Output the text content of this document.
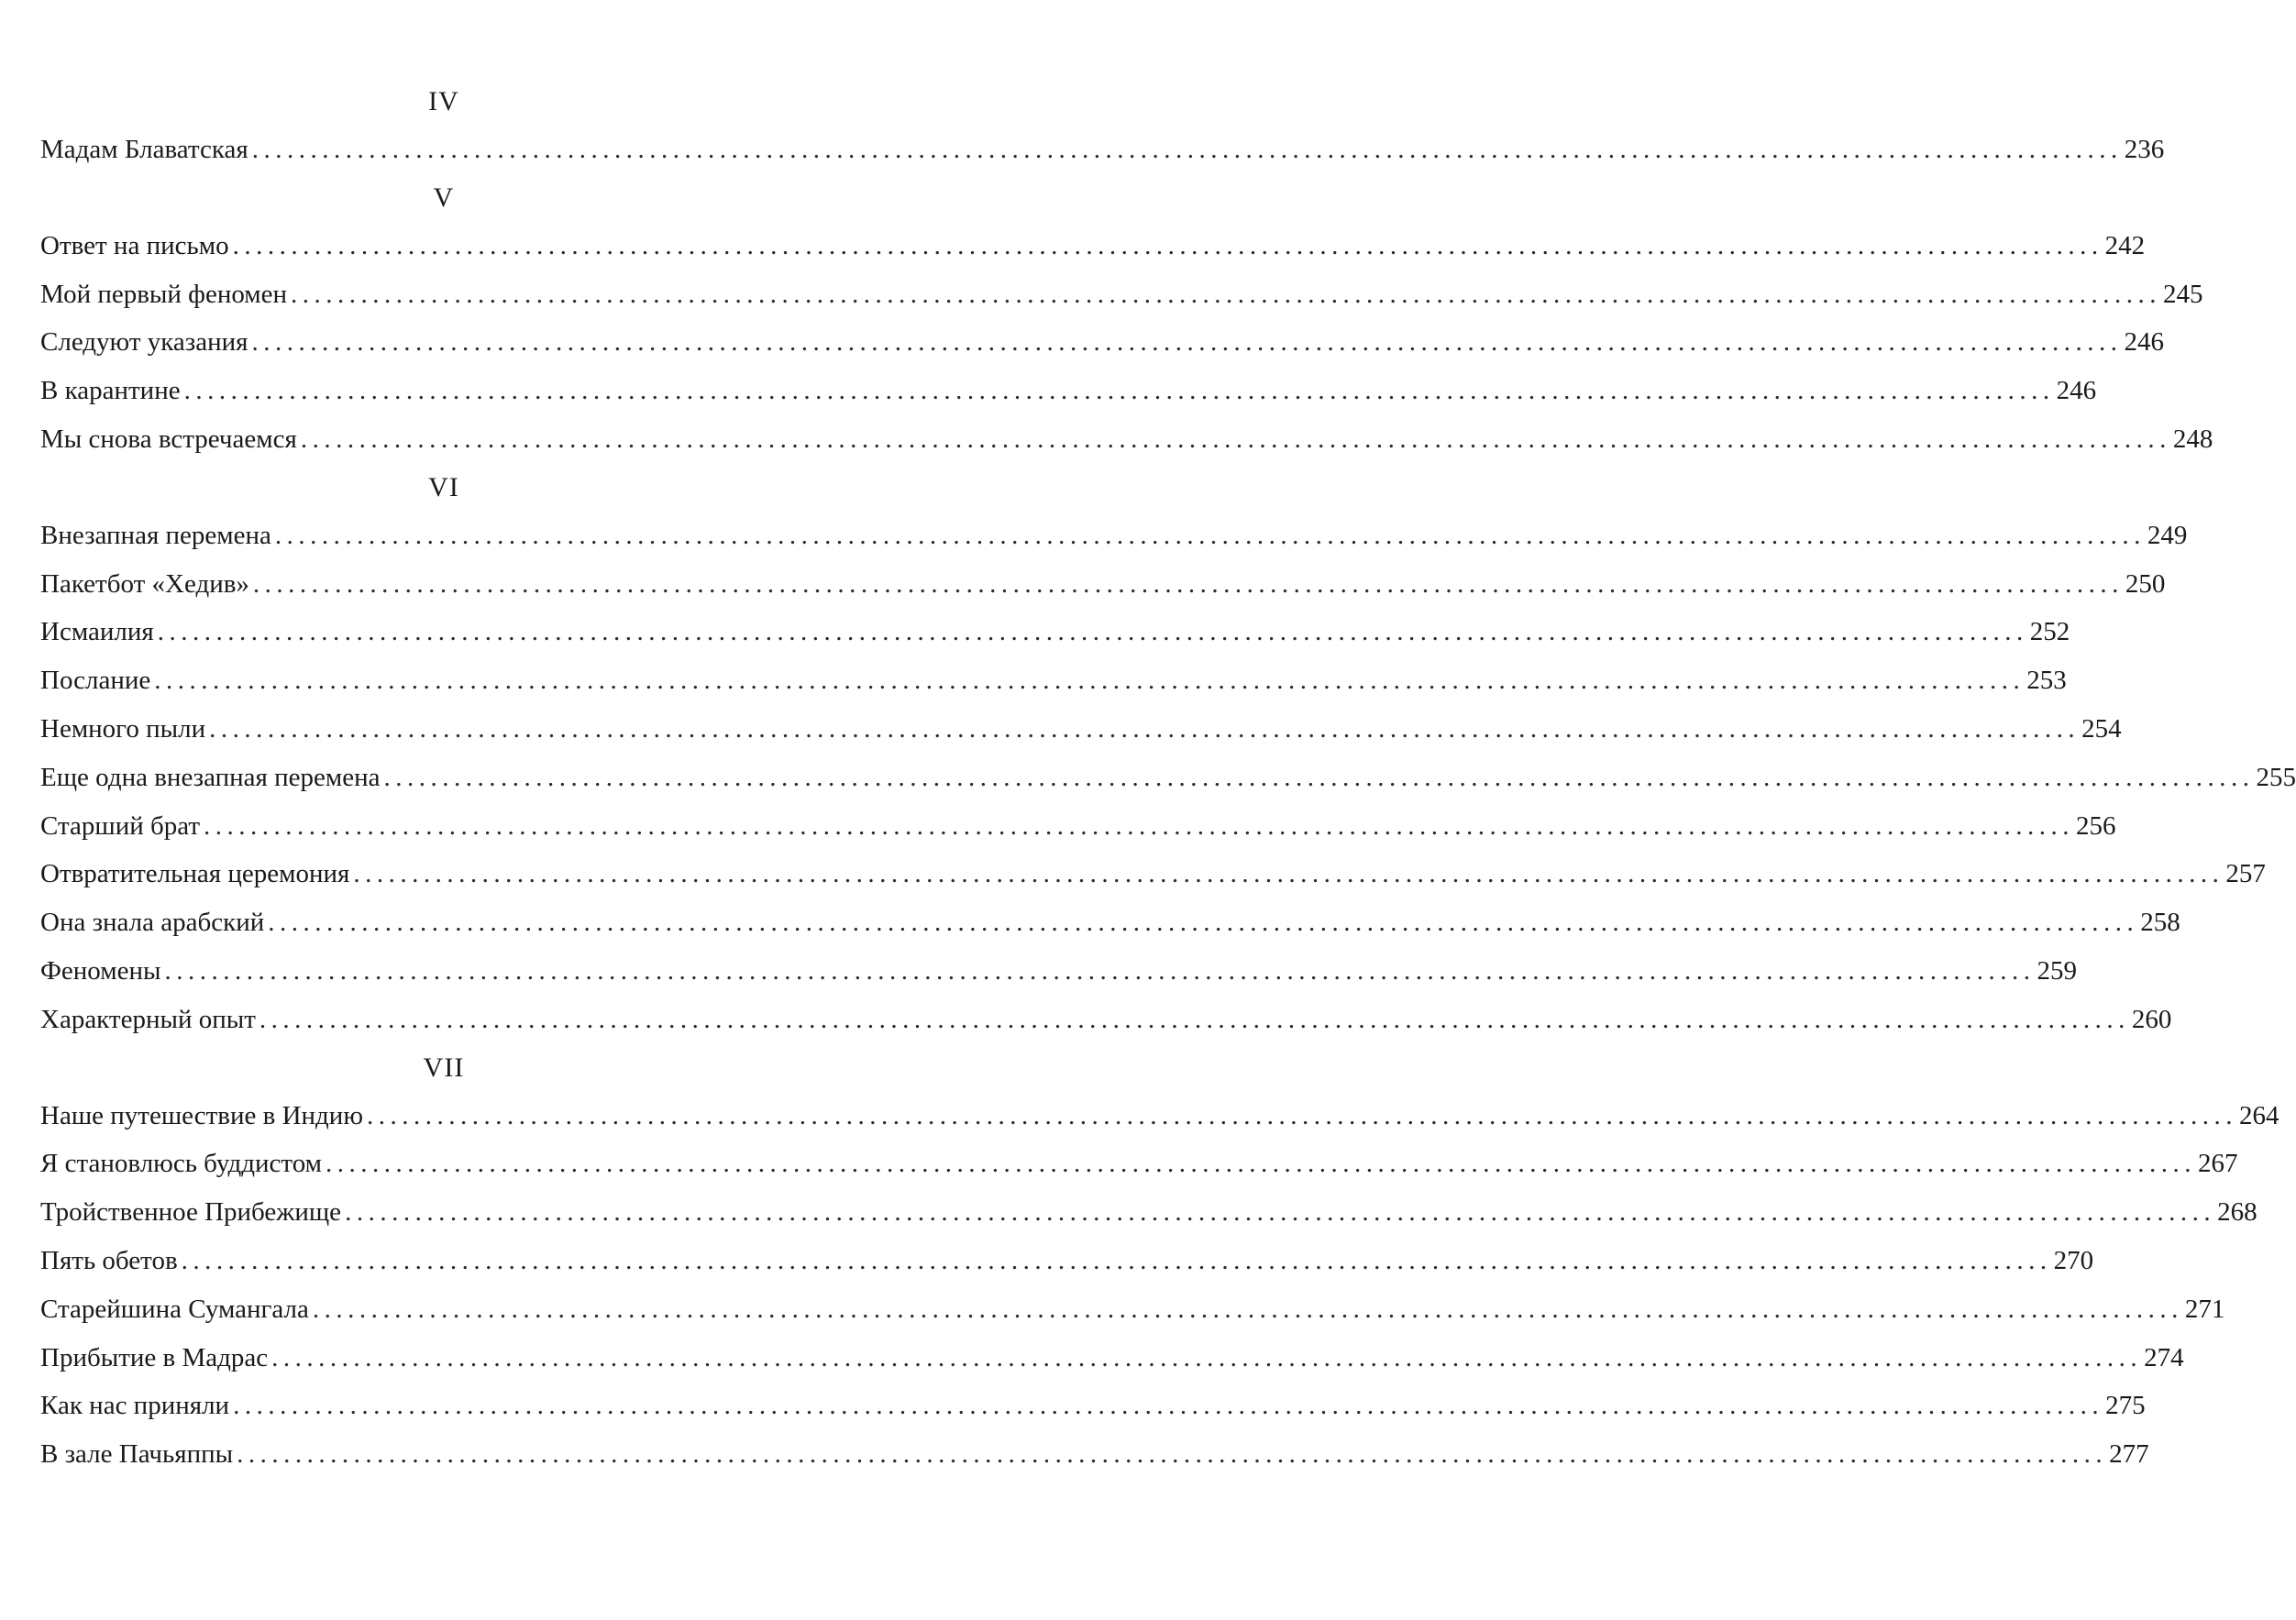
IV
Мадам Блаватская ................................................................................................................................................................ 236
V
Ответ на письмо ................................................................................................................................................................ 242
Мой первый феномен ................................................................................................................................................................ 245
Следуют указания ................................................................................................................................................................ 246
В карантине ................................................................................................................................................................ 246
Мы снова встречаемся ................................................................................................................................................................ 248
VI
Внезапная перемена ................................................................................................................................................................ 249
Пакетбот «Хедив» ................................................................................................................................................................ 250
Исмаилия ................................................................................................................................................................ 252
Послание ................................................................................................................................................................ 253
Немного пыли ................................................................................................................................................................ 254
Еще одна внезапная перемена ................................................................................................................................................................ 255
Старший брат ................................................................................................................................................................ 256
Отвратительная церемония ................................................................................................................................................................ 257
Она знала арабский ................................................................................................................................................................ 258
Феномены ................................................................................................................................................................ 259
Характерный опыт ................................................................................................................................................................ 260
VII
Наше путешествие в Индию ................................................................................................................................................................ 264
Я становлюсь буддистом ................................................................................................................................................................ 267
Тройственное Прибежище ................................................................................................................................................................ 268
Пять обетов ................................................................................................................................................................ 270
Старейшина Сумангала ................................................................................................................................................................ 271
Прибытие в Мадрас ................................................................................................................................................................ 274
Как нас приняли ................................................................................................................................................................ 275
В зале Пачьяппы ................................................................................................................................................................ 277
